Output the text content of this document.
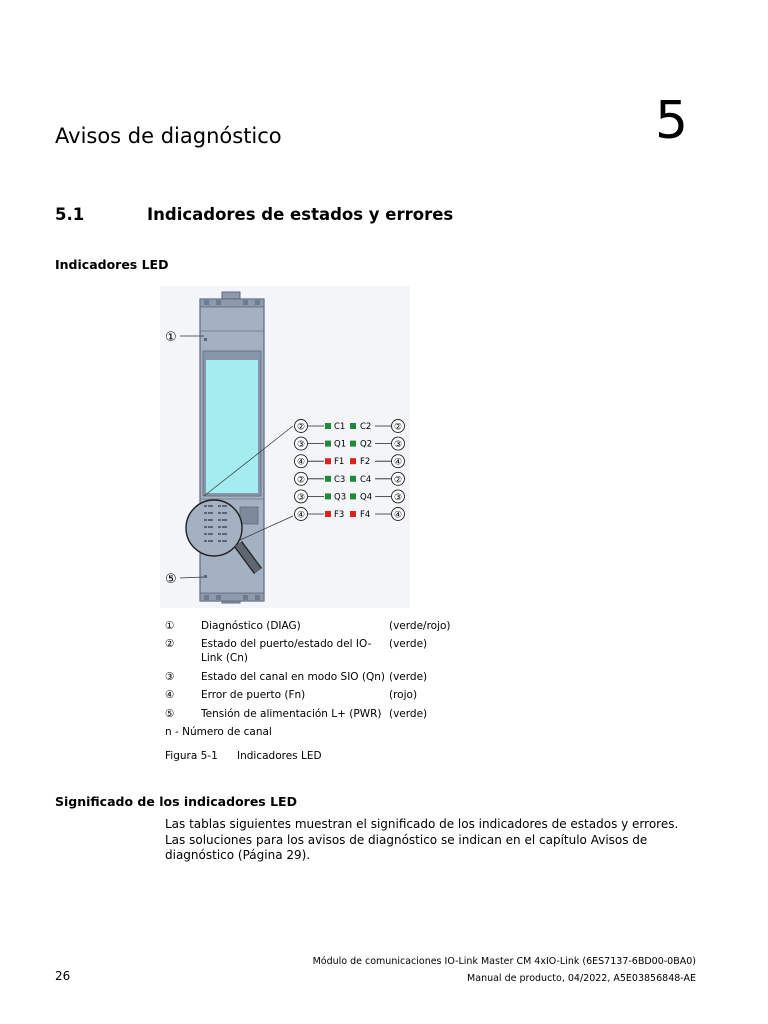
5
Avisos de diagnóstico
5.1	Indicadores de estados y errores
Indicadores LED
②	C1 C2	②
③	Q1 Q2 ③
④	F1 F2	④
②	C3 C4	②
③	Q3 Q4 ③
④	F3 F4	④
①
⑤
①	Diagnóstico (DIAG)	(verde/rojo)
②	Estado del puerto/estado del IO-Link (Cn)
(verde)
③	Estado del canal en modo SIO (Qn) (verde)
④	Error de puerto (Fn)	(rojo)
⑤	Tensión de alimentación L+ (PWR) (verde)
n - Número de canal
Figura 5-1 Indicadores LED
Significado de los indicadores LED
Las tablas siguientes muestran el significado de los indicadores de estados y errores. Las soluciones para los avisos de diagnóstico se indican en el capítulo Avisos de diagnóstico (Página 29).
Módulo de comunicaciones IO-Link Master CM 4xIO-Link (6ES7137-6BD00-0BA0)
Manual de producto, 04/2022, A5E03856848-AE
26
